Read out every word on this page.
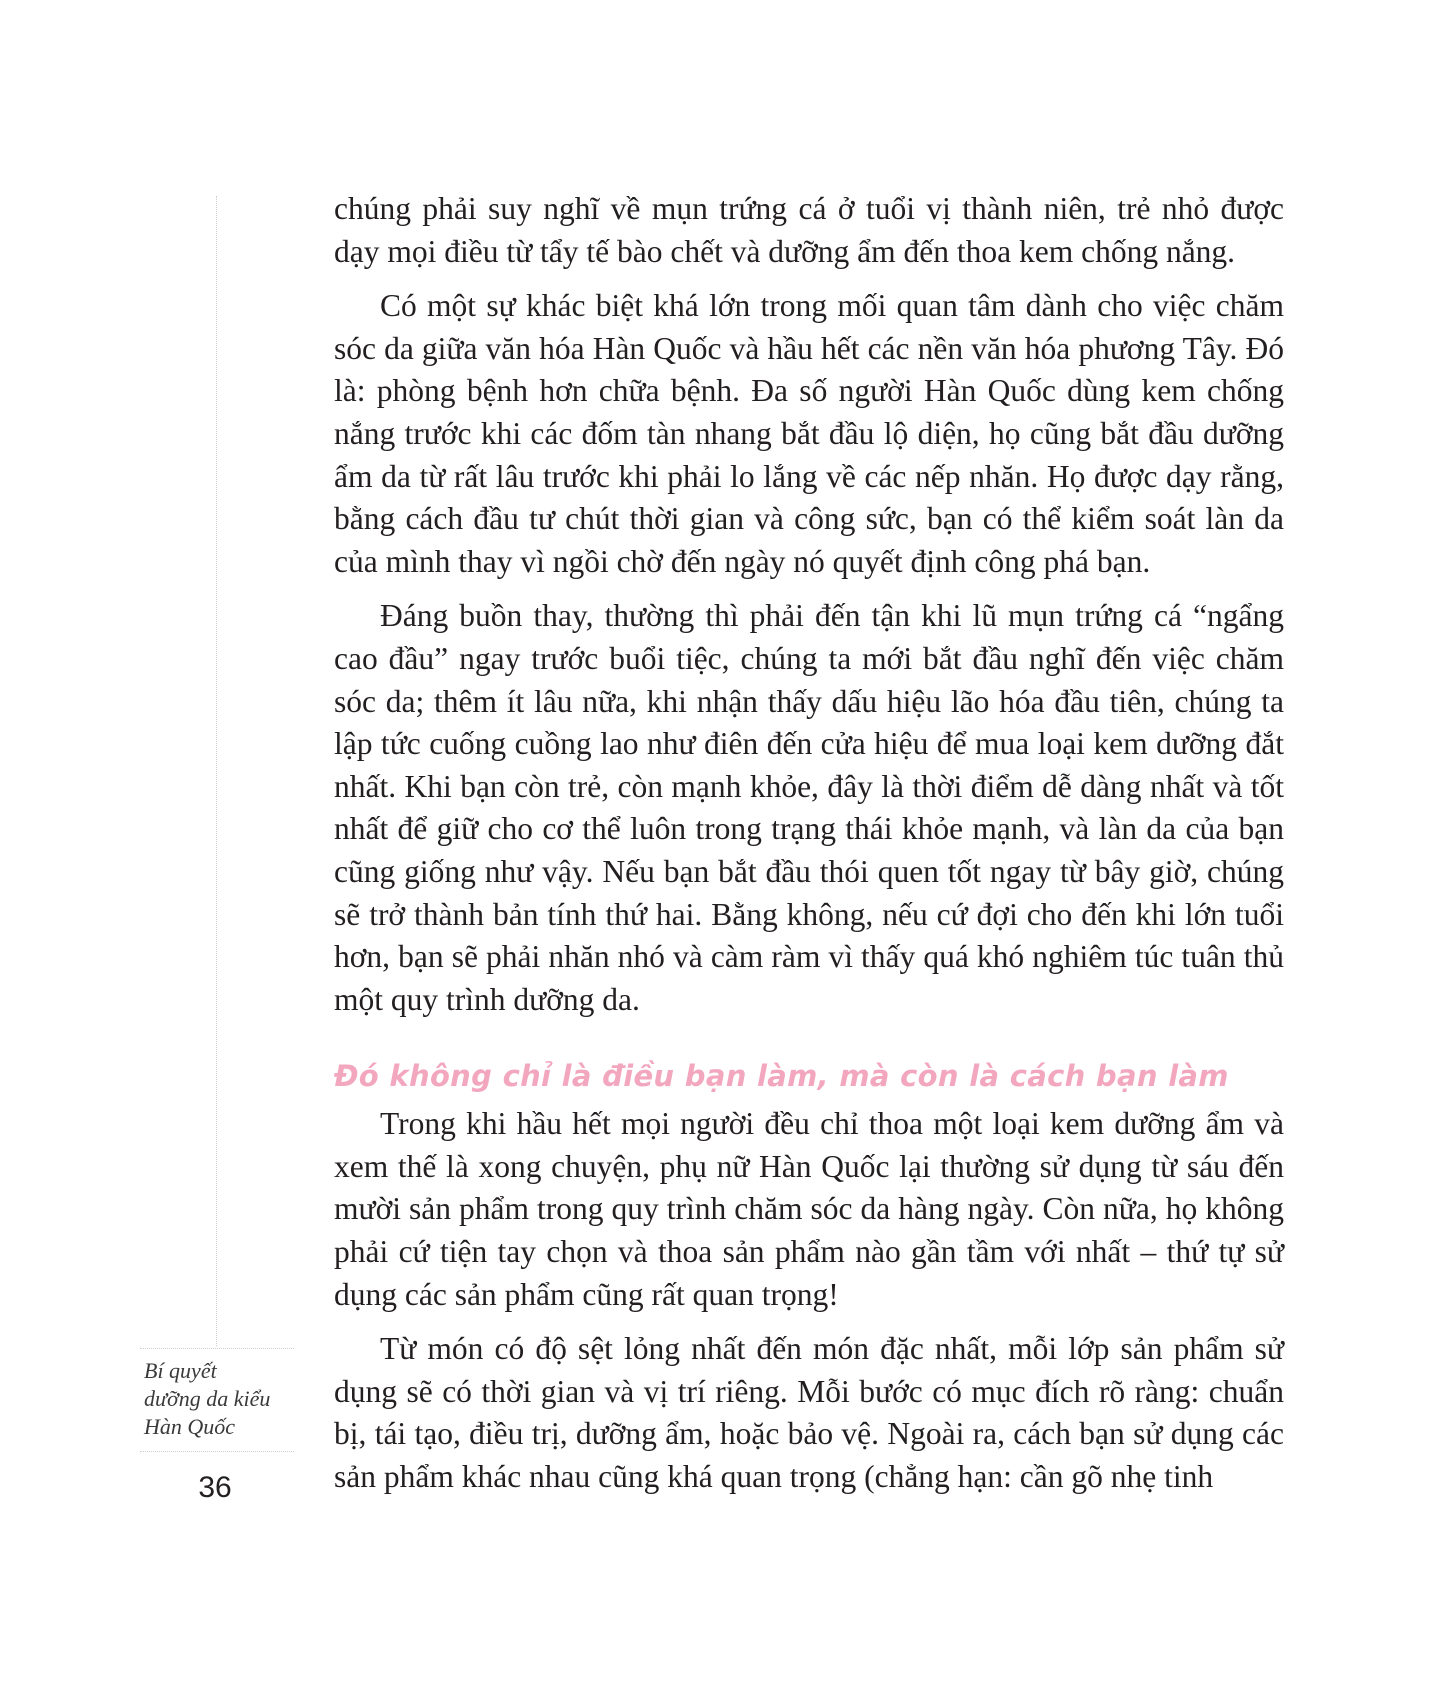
chúng phải suy nghĩ về mụn trứng cá ở tuổi vị thành niên, trẻ nhỏ được dạy mọi điều từ tẩy tế bào chết và dưỡng ẩm đến thoa kem chống nắng.

Có một sự khác biệt khá lớn trong mối quan tâm dành cho việc chăm sóc da giữa văn hóa Hàn Quốc và hầu hết các nền văn hóa phương Tây. Đó là: phòng bệnh hơn chữa bệnh. Đa số người Hàn Quốc dùng kem chống nắng trước khi các đốm tàn nhang bắt đầu lộ diện, họ cũng bắt đầu dưỡng ẩm da từ rất lâu trước khi phải lo lắng về các nếp nhăn. Họ được dạy rằng, bằng cách đầu tư chút thời gian và công sức, bạn có thể kiểm soát làn da của mình thay vì ngồi chờ đến ngày nó quyết định công phá bạn.

Đáng buồn thay, thường thì phải đến tận khi lũ mụn trứng cá “ngẩng cao đầu” ngay trước buổi tiệc, chúng ta mới bắt đầu nghĩ đến việc chăm sóc da; thêm ít lâu nữa, khi nhận thấy dấu hiệu lão hóa đầu tiên, chúng ta lập tức cuống cuồng lao như điên đến cửa hiệu để mua loại kem dưỡng đắt nhất. Khi bạn còn trẻ, còn mạnh khỏe, đây là thời điểm dễ dàng nhất và tốt nhất để giữ cho cơ thể luôn trong trạng thái khỏe mạnh, và làn da của bạn cũng giống như vậy. Nếu bạn bắt đầu thói quen tốt ngay từ bây giờ, chúng sẽ trở thành bản tính thứ hai. Bằng không, nếu cứ đợi cho đến khi lớn tuổi hơn, bạn sẽ phải nhăn nhó và càm ràm vì thấy quá khó nghiêm túc tuân thủ một quy trình dưỡng da.

Đó không chỉ là điều bạn làm, mà còn là cách bạn làm

Trong khi hầu hết mọi người đều chỉ thoa một loại kem dưỡng ẩm và xem thế là xong chuyện, phụ nữ Hàn Quốc lại thường sử dụng từ sáu đến mười sản phẩm trong quy trình chăm sóc da hàng ngày. Còn nữa, họ không phải cứ tiện tay chọn và thoa sản phẩm nào gần tầm với nhất – thứ tự sử dụng các sản phẩm cũng rất quan trọng!

Từ món có độ sệt lỏng nhất đến món đặc nhất, mỗi lớp sản phẩm sử dụng sẽ có thời gian và vị trí riêng. Mỗi bước có mục đích rõ ràng: chuẩn bị, tái tạo, điều trị, dưỡng ẩm, hoặc bảo vệ. Ngoài ra, cách bạn sử dụng các sản phẩm khác nhau cũng khá quan trọng (chẳng hạn: cần gõ nhẹ tinh

Bí quyết
dưỡng da kiểu
Hàn Quốc
36
